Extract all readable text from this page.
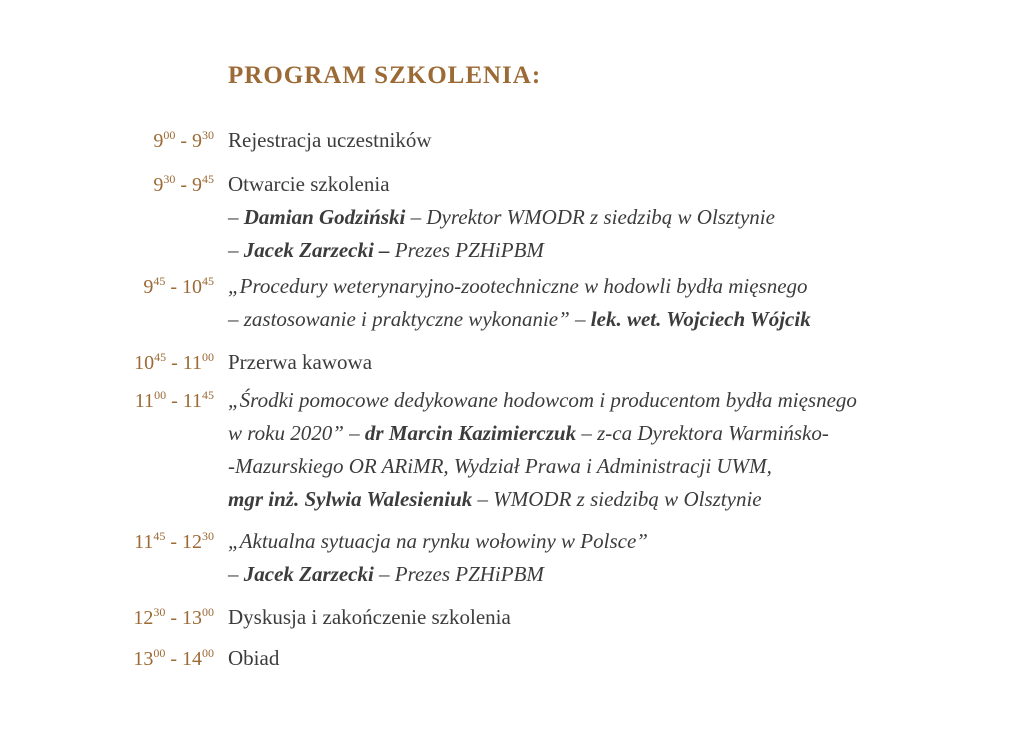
PROGRAM SZKOLENIA:
$9^{00} - 9^{30}$ Rejestracja uczestników
$9^{30} - 9^{45}$ Otwarcie szkolenia
– Damian Godziński – Dyrektor WMODR z siedzibą w Olsztynie
– Jacek Zarzecki – Prezes PZHiPBM
$9^{45} - 10^{45}$ „Procedury weterynaryjno-zootechniczne w hodowli bydła mięsnego
– zastosowanie i praktyczne wykonanie” – lek. wet. Wojciech Wójcik
$10^{45} - 11^{00}$ Przerwa kawowa
$11^{00} - 11^{45}$ „Środki pomocowe dedykowane hodowcom i producentom bydła mięsnego
w roku 2020” – dr Marcin Kazimierczuk – z-ca Dyrektora Warmińsko-
-Mazurskiego OR ARiMR, Wydział Prawa i Administracji UWM,
mgr inż. Sylwia Walesieniuk – WMODR z siedzibą w Olsztynie
$11^{45} - 12^{30}$ „Aktualna sytuacja na rynku wołowiny w Polsce”
– Jacek Zarzecki – Prezes PZHiPBM
$12^{30} - 13^{00}$ Dyskusja i zakończenie szkolenia
$13^{00} - 14^{00}$ Obiad
